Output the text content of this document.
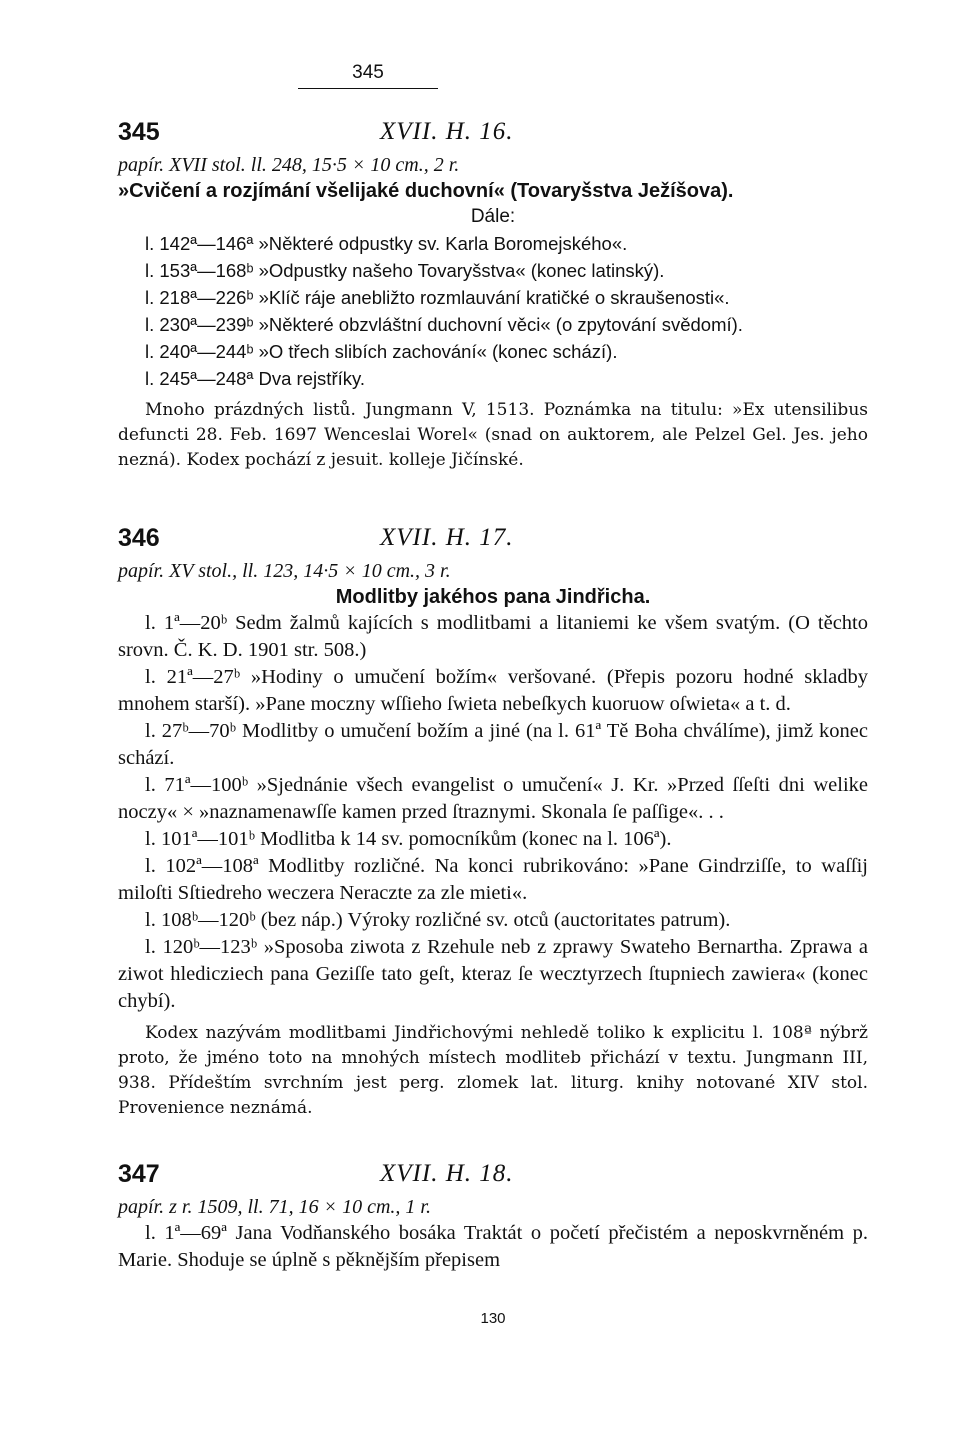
345
345	XVII. H. 16.

papír. XVII stol. ll. 248, 15·5 × 10 cm., 2 r.

»Cvičení a rozjímání všelijaké duchovní« (Tovaryšstva Ježíšova).

Dále:

l. 142ª—146ª »Některé odpustky sv. Karla Boromejského«.

l. 153ª—168ᵇ »Odpustky našeho Tovaryšstva« (konec latinský).

l. 218ª—226ᵇ »Klíč ráje anebližto rozmlauvání kratičké o skraušenosti«.

l. 230ª—239ᵇ »Některé obzvláštní duchovní věci« (o zpytování svědomí).

l. 240ª—244ᵇ »O třech slibích zachování« (konec schází).

l. 245ª—248ª Dva rejstříky.

Mnoho prázdných listů. Jungmann V, 1513. Poznámka na titulu: »Ex utensilibus defuncti 28. Feb. 1697 Wenceslai Worel« (snad on auktorem, ale Pelzel Gel. Jes. jeho nezná). Kodex pochází z jesuit. kolleje Jičínské.

346	XVII. H. 17.

papír. XV stol., ll. 123, 14·5 × 10 cm., 3 r.

Modlitby jakéhos pana Jindřicha.

l. 1ª—20ᵇ Sedm žalmů kajících s modlitbami a litaniemi ke všem svatým. (O těchto srovn. Č. K. D. 1901 str. 508.)

l. 21ª—27ᵇ »Hodiny o umučení božím« veršované. (Přepis pozoru hodné skladby mnohem starší). »Pane moczny wſſieho ſwieta nebeſkych kuoruow oſwieta« a t. d.

l. 27ᵇ—70ᵇ Modlitby o umučení božím a jiné (na l. 61ª Tě Boha chválíme), jimž konec schází.

l. 71ª—100ᵇ »Sjednánie všech evangelist o umučení« J. Kr. »Przed ſſeſti dni welike noczy« × »naznamenawſſe kamen przed ſtraznymi. Skonala ſe paſſige«. . .

l. 101ª—101ᵇ Modlitba k 14 sv. pomocníkům (konec na l. 106ª).

l. 102ª—108ª Modlitby rozličné. Na konci rubrikováno: »Pane Gindrziſſe, to waſſij miloſti Sſtiedreho weczera Neraczte za zle mieti«.

l. 108ᵇ—120ᵇ (bez náp.) Výroky rozličné sv. otců (auctoritates patrum).

l. 120ᵇ—123ᵇ »Sposoba ziwota z Rzehule neb z zprawy Swateho Bernartha. Zprawa a ziwot hledicziech pana Geziſſe tato geſt, kteraz ſe wecztyrzech ſtupniech zawiera« (konec chybí).

Kodex nazývám modlitbami Jindřichovými nehledě toliko k explicitu l. 108ª nýbrž proto, že jméno toto na mnohých místech modliteb přichází v textu. Jungmann III, 938. Přídeštím svrchním jest perg. zlomek lat. liturg. knihy notované XIV stol. Provenience neznámá.

347	XVII. H. 18.

papír. z r. 1509, ll. 71, 16 × 10 cm., 1 r.

l. 1ª—69ª Jana Vodňanského bosáka Traktát o početí přečistém a neposkvrněném p. Marie. Shoduje se úplně s pěknějším přepisem

130
